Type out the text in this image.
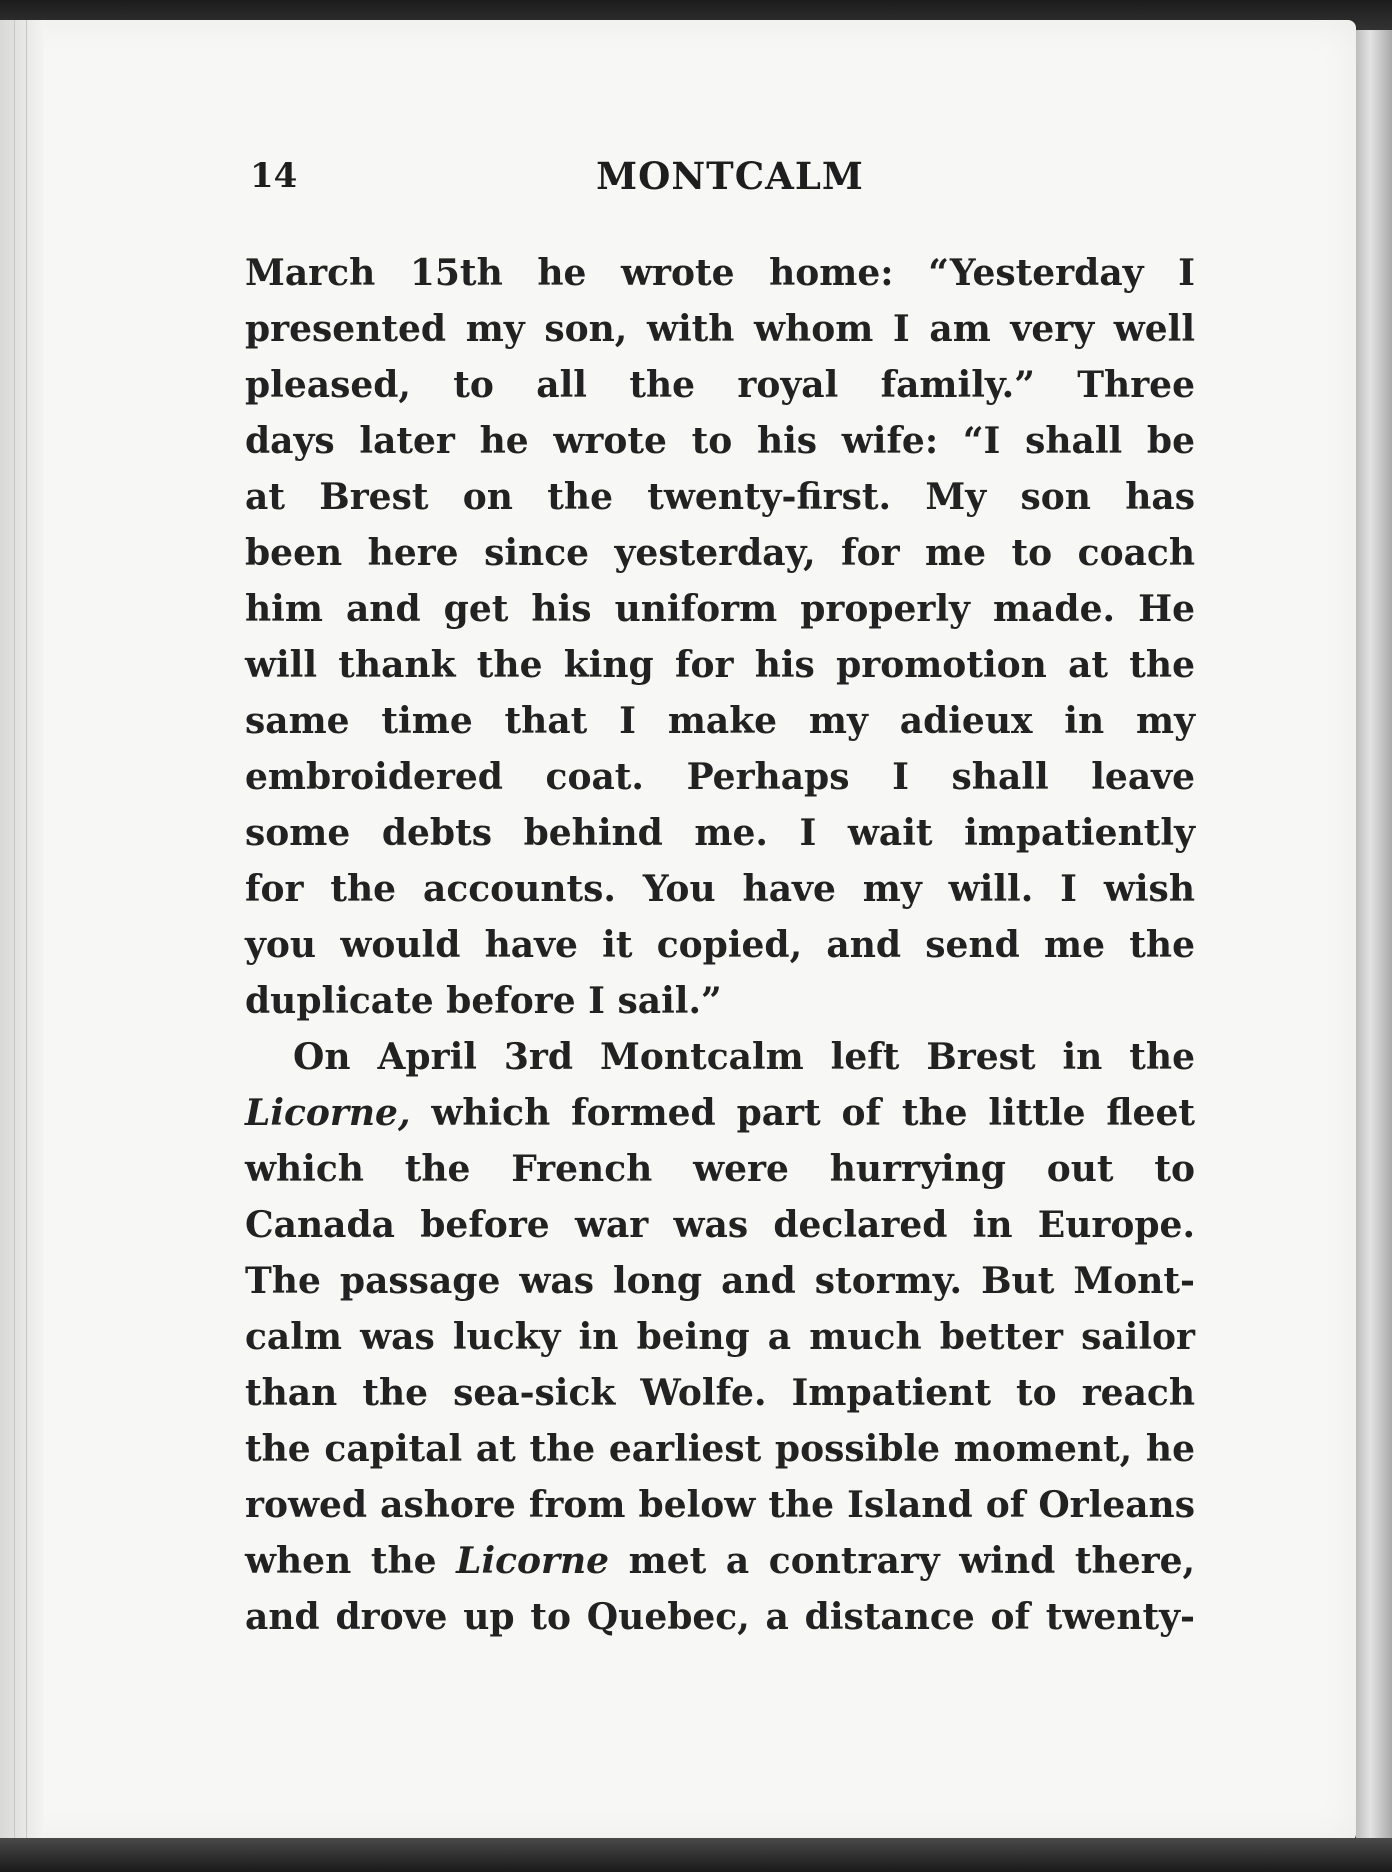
14	MONTCALM
March 15th he wrote home: “Yesterday I
presented my son, with whom I am very well
pleased, to all the royal family.” Three
days later he wrote to his wife: “I shall be
at Brest on the twenty-first. My son has
been here since yesterday, for me to coach
him and get his uniform properly made. He
will thank the king for his promotion at the
same time that I make my adieux in my
embroidered coat. Perhaps I shall leave
some debts behind me. I wait impatiently
for the accounts. You have my will. I wish
you would have it copied, and send me the
duplicate before I sail.”
On April 3rd Montcalm left Brest in the
Licorne, which formed part of the little fleet
which the French were hurrying out to
Canada before war was declared in Europe.
The passage was long and stormy. But Mont-
calm was lucky in being a much better sailor
than the sea-sick Wolfe. Impatient to reach
the capital at the earliest possible moment, he
rowed ashore from below the Island of Orleans
when the Licorne met a contrary wind there,
and drove up to Quebec, a distance of twenty-
